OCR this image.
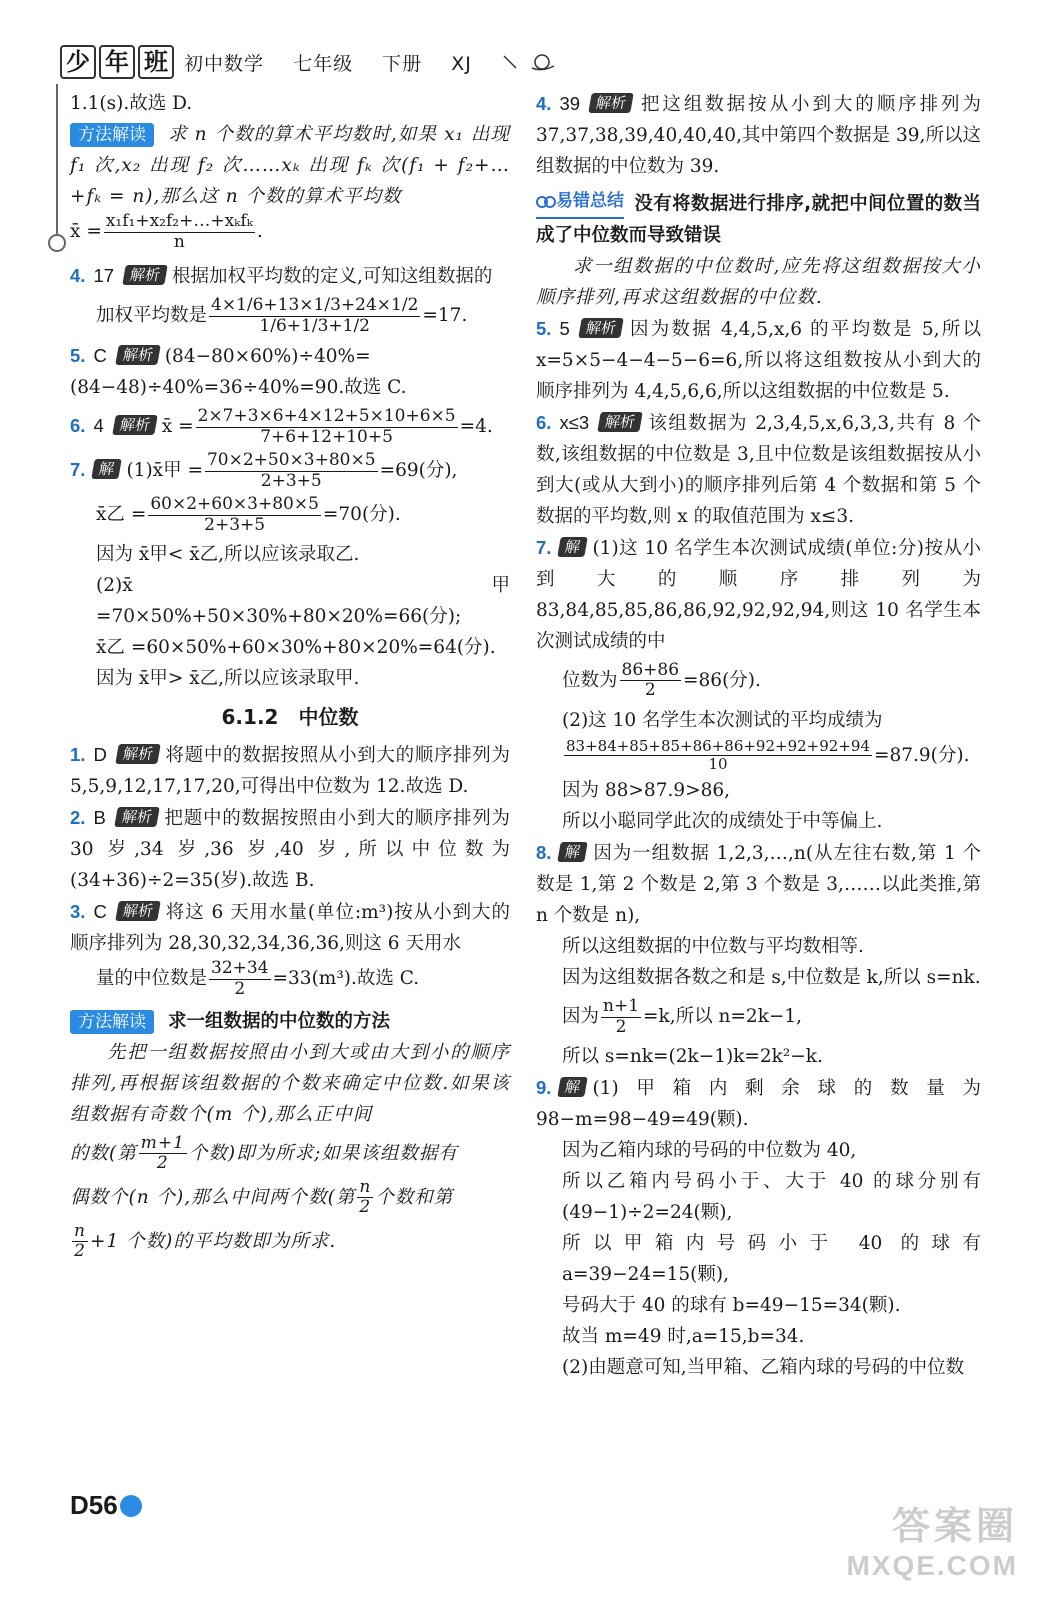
少 年 班 初中数学 七年级 下册 XJ
1.1(s).故选 D.
方法解读 求 n 个数的算术平均数时,如果 x₁ 出现 f₁ 次,x₂ 出现 f₂ 次……xₖ 出现 fₖ 次(f₁ + f₂+…+fₖ = n),那么这 n 个数的算术平均数
x̄ = $\frac{\text{x₁f₁+x₂f₂+…+xₖfₖ}}{n}$ .
4. 17 解析 根据加权平均数的定义,可知这组数据的
加权平均数是 $\frac{4\times 1/6+13\times 1/3+24\times 1/2}{1/6+1/3+1/2} =17$.
5. C 解析 (84−80×60%)÷40%=(84−48)÷40%=36÷40%=90.故选 C.
6. 4 解析 x̄ = $\frac{2\times 7+3\times 6+4\times 12+5\times 10+6\times 5}{7+6+12+10+5} =4$.
7. 解 (1)x̄甲 = $\frac{70\times 2+50\times 3+80\times 5}{2+3+5} =69$(分),
x̄乙 = $\frac{60\times 2+60\times 3+80\times 5}{2+3+5} =70$(分).
因为 x̄甲< x̄乙,所以应该录取乙.
(2)x̄甲 =70×50%+50×30%+80×20%=66(分);
x̄乙 =60×50%+60×30%+80×20%=64(分).
因为 x̄甲> x̄乙,所以应该录取甲.
6.1.2　中位数
1. D 解析 将题中的数据按照从小到大的顺序排列为 5,5,9,12,17,17,20,可得出中位数为 12.故选 D.
2. B 解析 把题中的数据按照由小到大的顺序排列为 30 岁,34 岁,36 岁,40 岁,所以中位数为(34+36)÷2=35(岁).故选 B.
3. C 解析 将这 6 天用水量(单位:m³)按从小到大的顺序排列为 28,30,32,34,36,36,则这 6 天用水
量的中位数是 $\frac{32+34}{2} =33(m^3)$.故选 C.
方法解读 求一组数据的中位数的方法
先把一组数据按照由小到大或由大到小的顺序排列,再根据该组数据的个数来确定中位数.如果该组数据有奇数个(m 个),那么正中间
的数(第 $\frac{m+1}{2}$ 个数)即为所求;如果该组数据有
偶数个(n 个),那么中间两个数(第 $\frac{n}{2}$ 个数和第
$\frac{n}{2} +1$ 个数)的平均数即为所求.
4. 39 解析 把这组数据按从小到大的顺序排列为 37,37,38,39,40,40,40,其中第四个数据是 39,所以这组数据的中位数为 39.
易错总结 没有将数据进行排序,就把中间位置的数当成了中位数而导致错误
求一组数据的中位数时,应先将这组数据按大小顺序排列,再求这组数据的中位数.
5. 5 解析 因为数据 4,4,5,x,6 的平均数是 5,所以 x=5×5−4−4−5−6=6,所以将这组数按从小到大的顺序排列为 4,4,5,6,6,所以这组数据的中位数是 5.
6. x≤3 解析 该组数据为 2,3,4,5,x,6,3,3,共有 8 个数,该组数据的中位数是 3,且中位数是该组数据按从小到大(或从大到小)的顺序排列后第 4 个数据和第 5 个数据的平均数,则 x 的取值范围为 x≤3.
7. 解 (1)这 10 名学生本次测试成绩(单位:分)按从小到大的顺序排列为 83,84,85,85,86,86,92,92,92,94,则这 10 名学生本次测试成绩的中
位数为 $\frac{86+86}{2} =86$(分).
(2)这 10 名学生本次测试的平均成绩为
$\frac{83+84+85+85+86+86+92+92+92+94}{10} =87.9$(分).
因为 88>87.9>86,
所以小聪同学此次的成绩处于中等偏上.
8. 解 因为一组数据 1,2,3,…,n(从左往右数,第 1 个数是 1,第 2 个数是 2,第 3 个数是 3,……以此类推,第 n 个数是 n),
所以这组数据的中位数与平均数相等.
因为这组数据各数之和是 s,中位数是 k,所以 s=nk.
因为 $\frac{n+1}{2} =k$,所以 n=2k−1,
所以 s=nk=(2k−1)k=2k²−k.
9. 解 (1)甲箱内剩余球的数量为 98−m=98−49=49(颗).
因为乙箱内球的号码的中位数为 40,
所以乙箱内号码小于、大于 40 的球分别有(49−1)÷2=24(颗),
所以甲箱内号码小于 40 的球有 a=39−24=15(颗),
号码大于 40 的球有 b=49−15=34(颗).
故当 m=49 时,a=15,b=34.
(2)由题意可知,当甲箱、乙箱内球的号码的中位数
D56
答案圈
MXQE.COM
